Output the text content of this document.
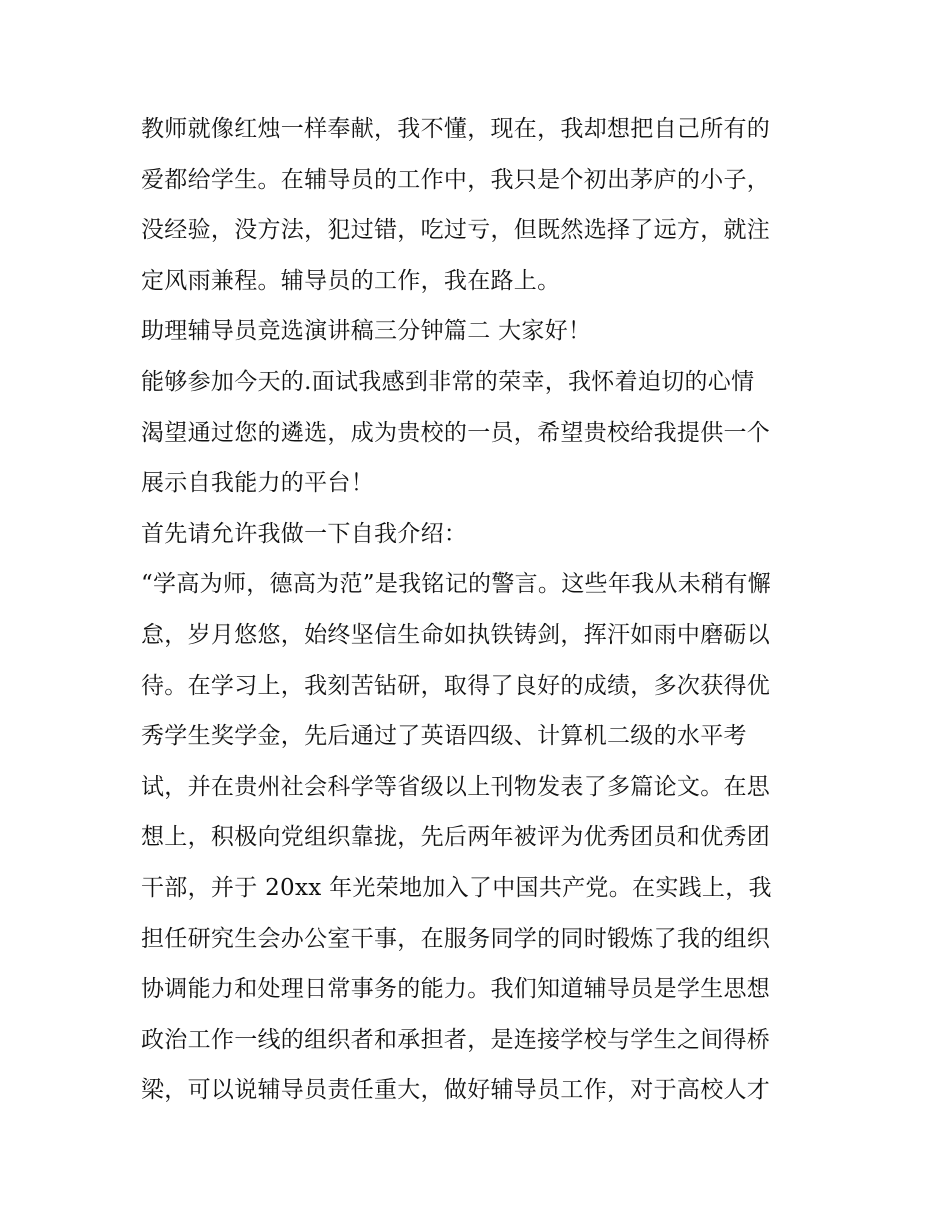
教师就像红烛一样奉献，我不懂，现在，我却想把自己所有的
爱都给学生。在辅导员的工作中，我只是个初出茅庐的小子，
没经验，没方法，犯过错，吃过亏，但既然选择了远方，就注
定风雨兼程。辅导员的工作，我在路上。
助理辅导员竞选演讲稿三分钟篇二 大家好！
能够参加今天的.面试我感到非常的荣幸，我怀着迫切的心情
渴望通过您的遴选，成为贵校的一员，希望贵校给我提供一个
展示自我能力的平台！
首先请允许我做一下自我介绍：
“学高为师，德高为范”是我铭记的警言。这些年我从未稍有懈
怠，岁月悠悠，始终坚信生命如执铁铸剑，挥汗如雨中磨砺以
待。在学习上，我刻苦钻研，取得了良好的成绩，多次获得优
秀学生奖学金，先后通过了英语四级、计算机二级的水平考
试，并在贵州社会科学等省级以上刊物发表了多篇论文。在思
想上，积极向党组织靠拢，先后两年被评为优秀团员和优秀团
干部，并于 20xx 年光荣地加入了中国共产党。在实践上，我
担任研究生会办公室干事，在服务同学的同时锻炼了我的组织
协调能力和处理日常事务的能力。我们知道辅导员是学生思想
政治工作一线的组织者和承担者，是连接学校与学生之间得桥
梁，可以说辅导员责任重大，做好辅导员工作，对于高校人才
